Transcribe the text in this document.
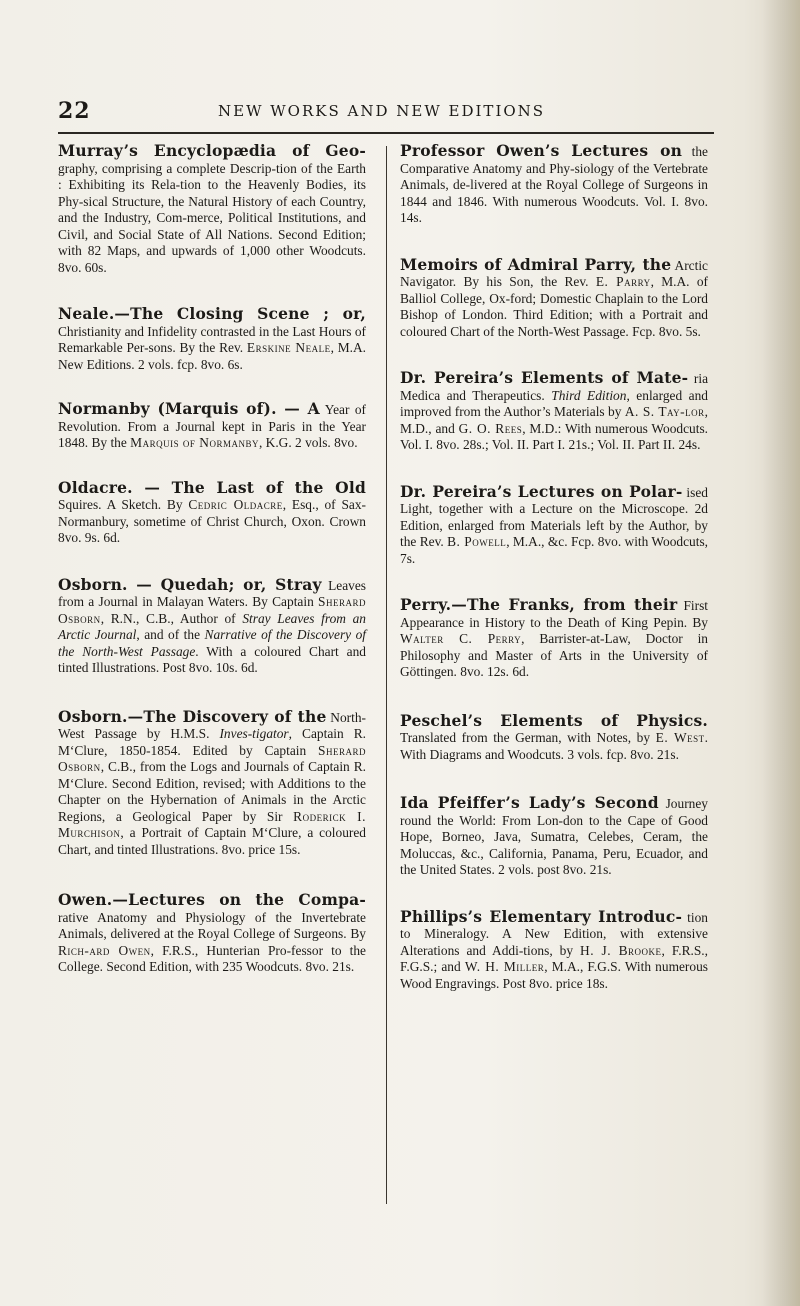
22	NEW WORKS AND NEW EDITIONS

Murray’s Encyclopædia of Geo- graphy, comprising a complete Descrip-tion of the Earth : Exhibiting its Rela-tion to the Heavenly Bodies, its Phy-sical Structure, the Natural History of each Country, and the Industry, Com-merce, Political Institutions, and Civil, and Social State of All Nations. Second Edition; with 82 Maps, and upwards of 1,000 other Woodcuts. 8vo. 60s.

Neale.—The Closing Scene ; or, Christianity and Infidelity contrasted in the Last Hours of Remarkable Per-sons. By the Rev. Erskine Neale, M.A. New Editions. 2 vols. fcp. 8vo. 6s.

Normanby (Marquis of). — A Year of Revolution. From a Journal kept in Paris in the Year 1848. By the Marquis of Normanby, K.G. 2 vols. 8vo.

Oldacre. — The Last of the Old Squires. A Sketch. By Cedric Oldacre, Esq., of Sax-Normanbury, sometime of Christ Church, Oxon. Crown 8vo. 9s. 6d.

Osborn. — Quedah; or, Stray Leaves from a Journal in Malayan Waters. By Captain Sherard Osborn, R.N., C.B., Author of Stray Leaves from an Arctic Journal, and of the Narrative of the Discovery of the North-West Passage. With a coloured Chart and tinted Illustrations. Post 8vo. 10s. 6d.

Osborn.—The Discovery of the North-West Passage by H.M.S. Inves-tigator, Captain R. M‘Clure, 1850-1854. Edited by Captain Sherard Osborn, C.B., from the Logs and Journals of Captain R. M‘Clure. Second Edition, revised; with Additions to the Chapter on the Hybernation of Animals in the Arctic Regions, a Geological Paper by Sir Roderick I. Murchison, a Portrait of Captain M‘Clure, a coloured Chart, and tinted Illustrations. 8vo. price 15s.

Owen.—Lectures on the Compa- rative Anatomy and Physiology of the Invertebrate Animals, delivered at the Royal College of Surgeons. By Rich-ard Owen, F.R.S., Hunterian Pro-fessor to the College. Second Edition, with 235 Woodcuts. 8vo. 21s.

Professor Owen’s Lectures on the Comparative Anatomy and Phy-siology of the Vertebrate Animals, de-livered at the Royal College of Surgeons in 1844 and 1846. With numerous Woodcuts. Vol. I. 8vo. 14s.

Memoirs of Admiral Parry, the Arctic Navigator. By his Son, the Rev. E. Parry, M.A. of Balliol College, Ox-ford; Domestic Chaplain to the Lord Bishop of London. Third Edition; with a Portrait and coloured Chart of the North-West Passage. Fcp. 8vo. 5s.

Dr. Pereira’s Elements of Mate- ria Medica and Therapeutics. Third Edition, enlarged and improved from the Author’s Materials by A. S. Tay-lor, M.D., and G. O. Rees, M.D.: With numerous Woodcuts. Vol. I. 8vo. 28s.; Vol. II. Part I. 21s.; Vol. II. Part II. 24s.

Dr. Pereira’s Lectures on Polar- ised Light, together with a Lecture on the Microscope. 2d Edition, enlarged from Materials left by the Author, by the Rev. B. Powell, M.A., &c. Fcp. 8vo. with Woodcuts, 7s.

Perry.—The Franks, from their First Appearance in History to the Death of King Pepin. By Walter C. Perry, Barrister-at-Law, Doctor in Philosophy and Master of Arts in the University of Göttingen. 8vo. 12s. 6d.

Peschel’s Elements of Physics. Translated from the German, with Notes, by E. West. With Diagrams and Woodcuts. 3 vols. fcp. 8vo. 21s.

Ida Pfeiffer’s Lady’s Second Journey round the World: From Lon-don to the Cape of Good Hope, Borneo, Java, Sumatra, Celebes, Ceram, the Moluccas, &c., California, Panama, Peru, Ecuador, and the United States. 2 vols. post 8vo. 21s.

Phillips’s Elementary Introduc- tion to Mineralogy. A New Edition, with extensive Alterations and Addi-tions, by H. J. Brooke, F.R.S., F.G.S.; and W. H. Miller, M.A., F.G.S. With numerous Wood Engravings. Post 8vo. price 18s.
